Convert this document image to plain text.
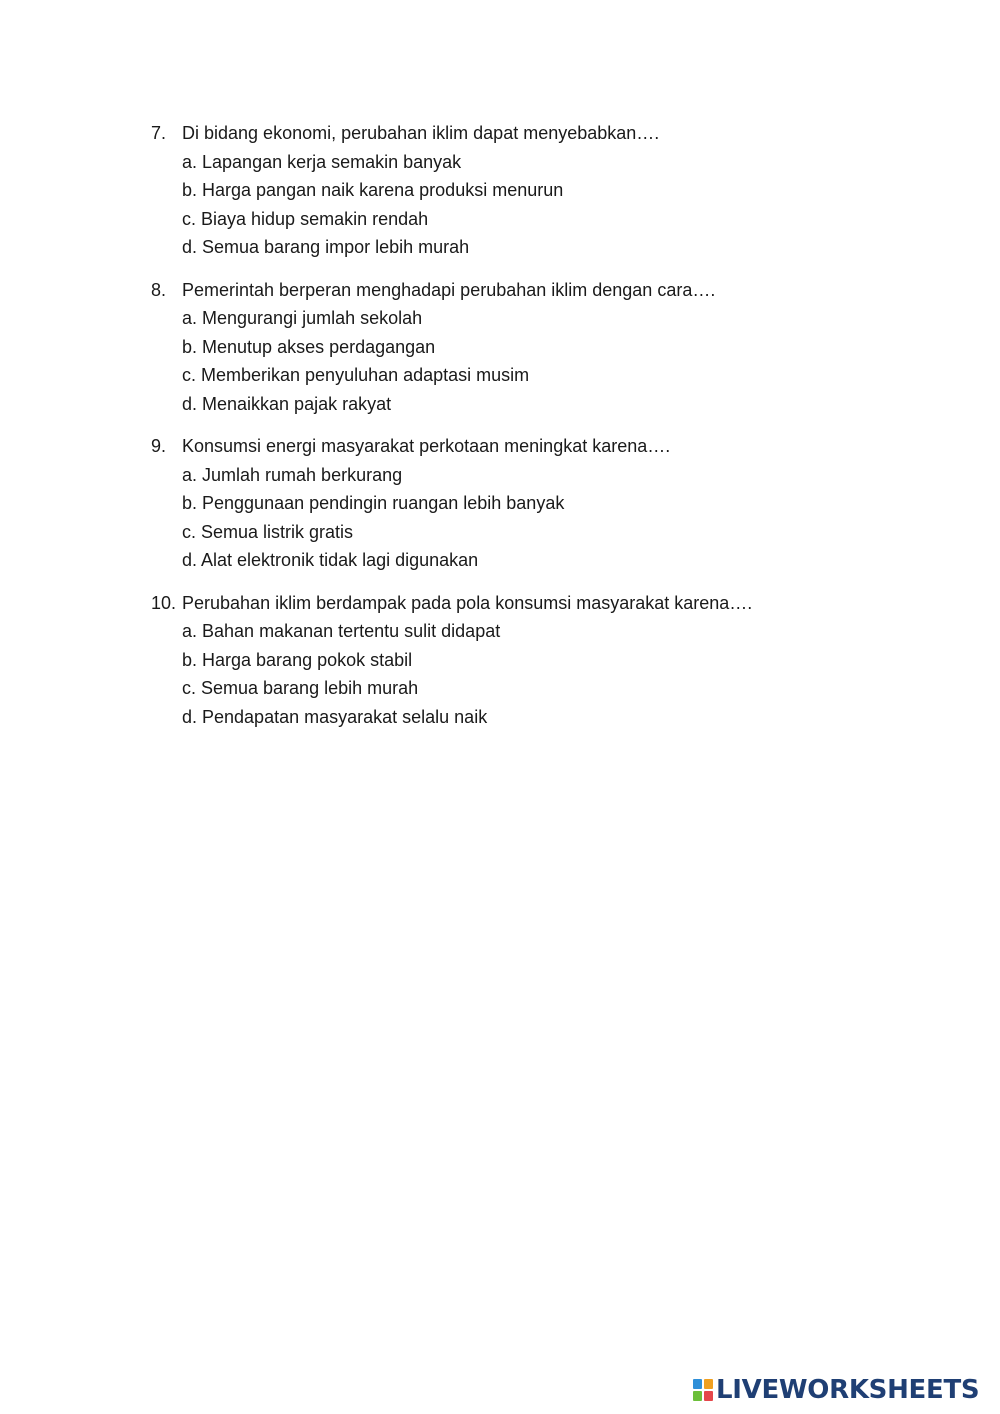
7. Di bidang ekonomi, perubahan iklim dapat menyebabkan….
a. Lapangan kerja semakin banyak
b. Harga pangan naik karena produksi menurun
c. Biaya hidup semakin rendah
d. Semua barang impor lebih murah
8. Pemerintah berperan menghadapi perubahan iklim dengan cara….
a. Mengurangi jumlah sekolah
b. Menutup akses perdagangan
c. Memberikan penyuluhan adaptasi musim
d. Menaikkan pajak rakyat
9. Konsumsi energi masyarakat perkotaan meningkat karena….
a. Jumlah rumah berkurang
b. Penggunaan pendingin ruangan lebih banyak
c. Semua listrik gratis
d. Alat elektronik tidak lagi digunakan
10. Perubahan iklim berdampak pada pola konsumsi masyarakat karena….
a. Bahan makanan tertentu sulit didapat
b. Harga barang pokok stabil
c. Semua barang lebih murah
d. Pendapatan masyarakat selalu naik
LIVEWORKSHEETS
